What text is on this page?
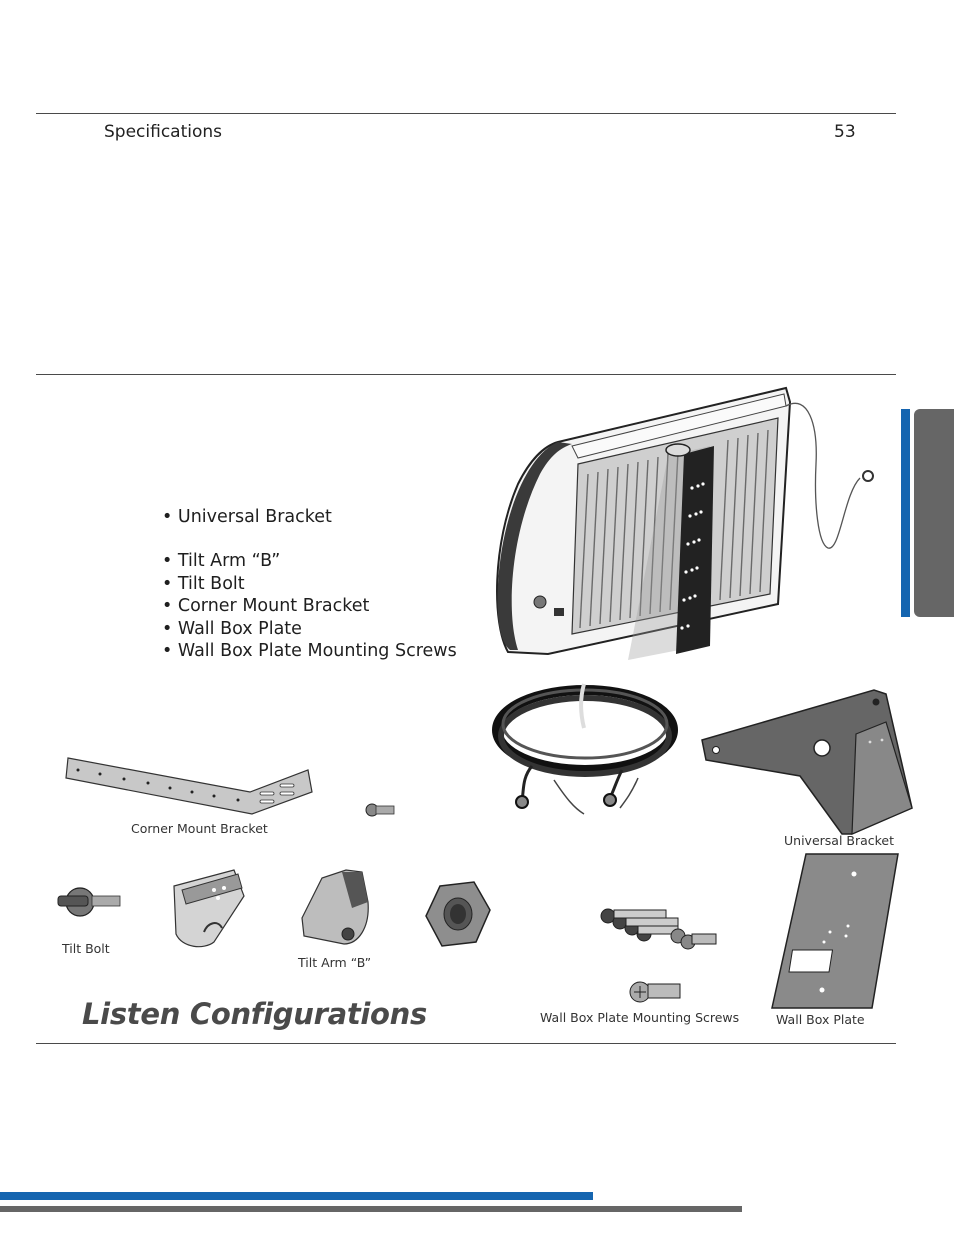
Specifications	53
• Universal Bracket
• Tilt Arm “B”
• Tilt Bolt
• Corner Mount Bracket
• Wall Box Plate
• Wall Box Plate Mounting Screws
Corner Mount Bracket
Universal Bracket
Tilt Bolt
Tilt Arm “B”
Wall Box Plate Mounting Screws	Wall Box Plate
Listen Configurations
